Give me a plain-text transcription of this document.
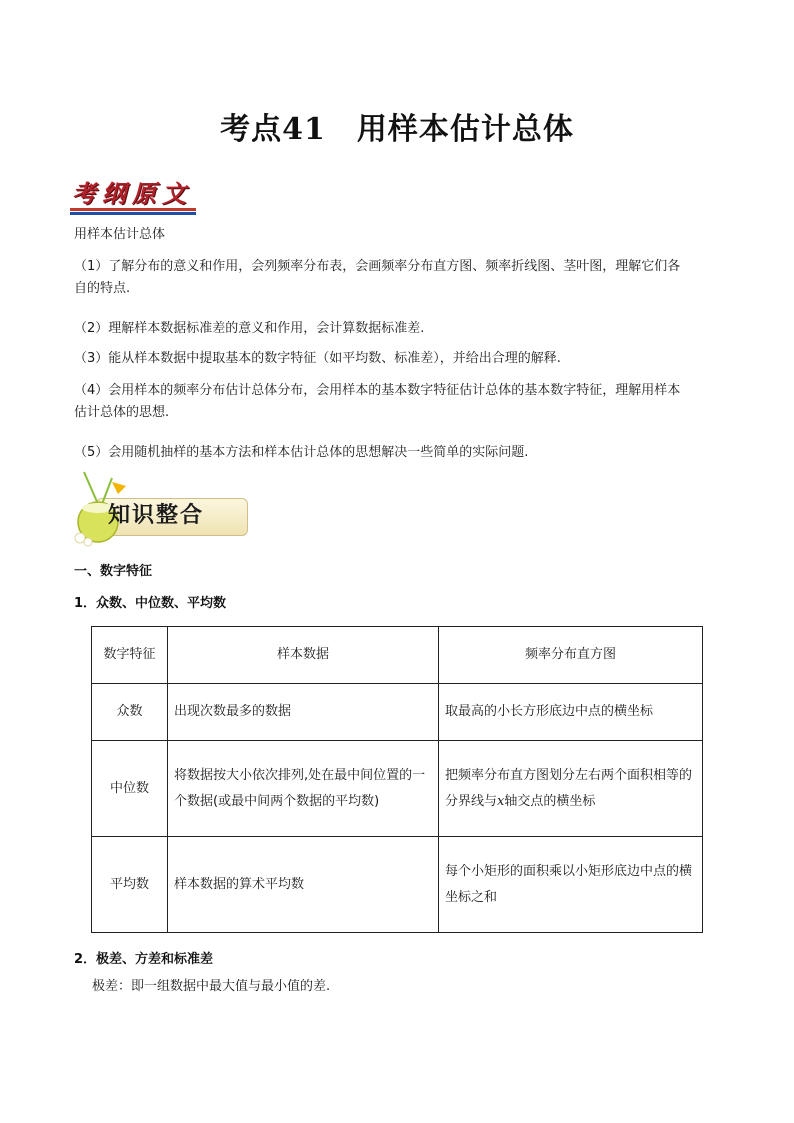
考点41　用样本估计总体
考纲原文
用样本估计总体
（1）了解分布的意义和作用，会列频率分布表，会画频率分布直方图、频率折线图、茎叶图，理解它们各
自的特点.
（2）理解样本数据标准差的意义和作用，会计算数据标准差.
（3）能从样本数据中提取基本的数字特征（如平均数、标准差），并给出合理的解释.
（4）会用样本的频率分布估计总体分布，会用样本的基本数字特征估计总体的基本数字特征，理解用样本
估计总体的思想.
（5）会用随机抽样的基本方法和样本估计总体的思想解决一些简单的实际问题.
知识整合
一、数字特征
1．众数、中位数、平均数
数字特征	样本数据	频率分布直方图
众数	出现次数最多的数据	取最高的小长方形底边中点的横坐标
中位数	将数据按大小依次排列,处在最中间位置的一个数据(或最中间两个数据的平均数)	把频率分布直方图划分左右两个面积相等的分界线与x轴交点的横坐标
平均数	样本数据的算术平均数	每个小矩形的面积乘以小矩形底边中点的横坐标之和
2．极差、方差和标准差
极差：即一组数据中最大值与最小值的差.
